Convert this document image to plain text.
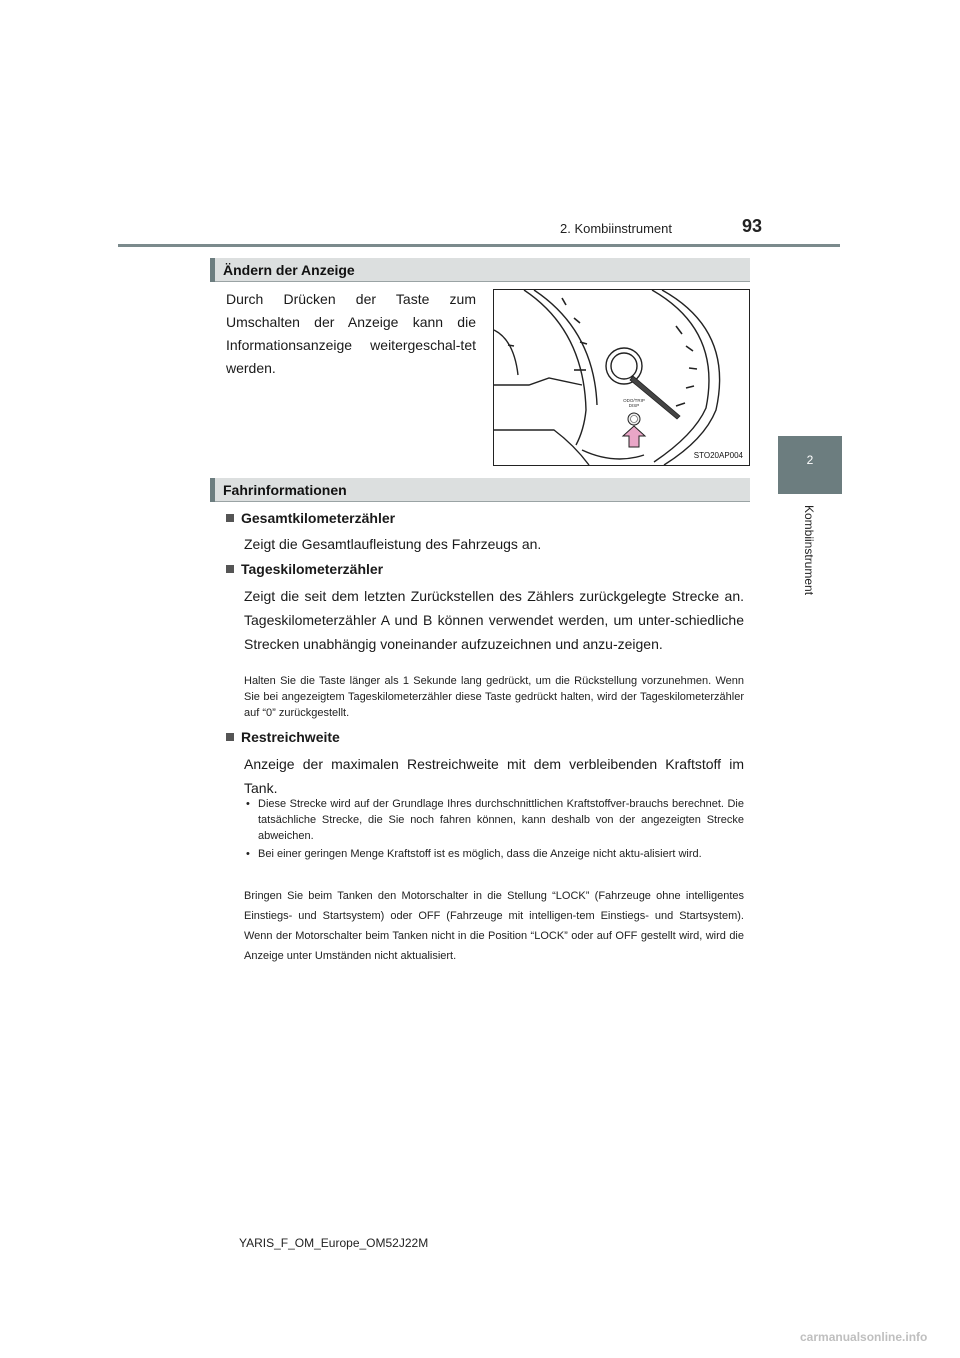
2. Kombiinstrument	93
2
Kombiinstrument
Ändern der Anzeige
Durch Drücken der Taste zum Umschalten der Anzeige kann die Informationsanzeige weitergeschal-tet werden.
ODO/TRIP
DISP
STO20AP004
Fahrinformationen
Gesamtkilometerzähler
Zeigt die Gesamtlaufleistung des Fahrzeugs an.
Tageskilometerzähler
Zeigt die seit dem letzten Zurückstellen des Zählers zurückgelegte Strecke an. Tageskilometerzähler A und B können verwendet werden, um unter-schiedliche Strecken unabhängig voneinander aufzuzeichnen und anzu-zeigen.
Halten Sie die Taste länger als 1 Sekunde lang gedrückt, um die Rückstellung vorzunehmen. Wenn Sie bei angezeigtem Tageskilometerzähler diese Taste gedrückt halten, wird der Tageskilometerzähler auf “0” zurückgestellt.
Restreichweite
Anzeige der maximalen Restreichweite mit dem verbleibenden Kraftstoff im Tank.
• Diese Strecke wird auf der Grundlage Ihres durchschnittlichen Kraftstoffver-brauchs berechnet. Die tatsächliche Strecke, die Sie noch fahren können, kann deshalb von der angezeigten Strecke abweichen.
• Bei einer geringen Menge Kraftstoff ist es möglich, dass die Anzeige nicht aktu-alisiert wird.
Bringen Sie beim Tanken den Motorschalter in die Stellung “LOCK” (Fahrzeuge ohne intelligentes Einstiegs- und Startsystem) oder OFF (Fahrzeuge mit intelligen-tem Einstiegs- und Startsystem). Wenn der Motorschalter beim Tanken nicht in die Position “LOCK” oder auf OFF gestellt wird, wird die Anzeige unter Umständen nicht aktualisiert.
YARIS_F_OM_Europe_OM52J22M
carmanualsonline.info
